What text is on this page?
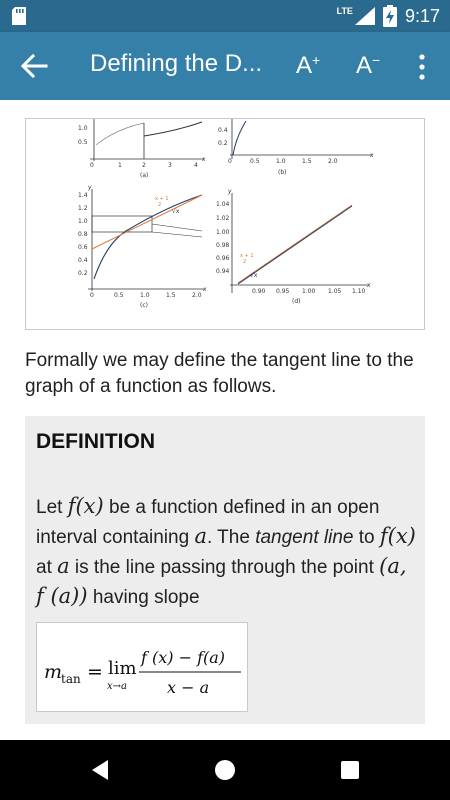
LTE	9:17
Defining the D...	A+ A−
1.0
0.5
0	1	2	3	4
x
(a)
0.4
0.2
0	0.5	1.0	1.5	2.0
x
(b)
y
1.4
1.2
1.0
0.8
0.6
0.4
0.2
x + 1
2
√x
0	0.5	1.0	1.5	2.0
x
(c)
y
1.04
1.02
1.00
0.98
0.96
0.94
x + 1
2
√x
0.90 0.95 1.00 1.05 1.10
x
(d)

Formally we may define the tangent line to the graph of a function as follows.

DEFINITION
Let f(x) be a function defined in an open interval containing a. The tangent line to f(x) at a is the line passing through the point (a, f (a)) having slope
m
tan = lim
x→a
f (x) − f(a)
x − a
